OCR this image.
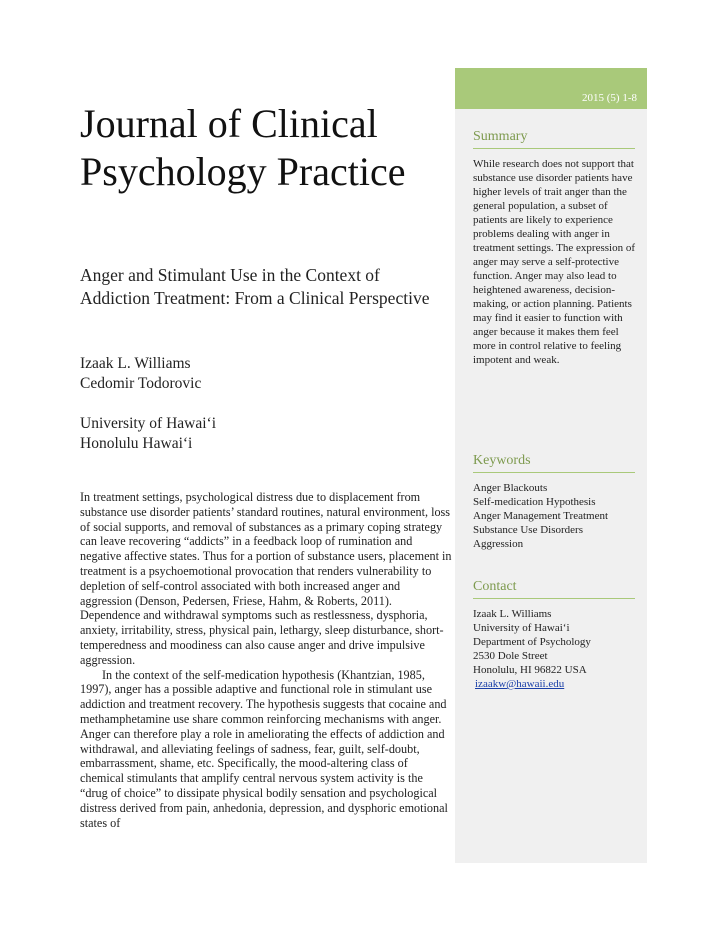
Journal of Clinical Psychology Practice
Anger and Stimulant Use in the Context of Addiction Treatment: From a Clinical Perspective
Izaak L. Williams
Cedomir Todorovic
University of Hawai‘i
Honolulu Hawai‘i

In treatment settings, psychological distress due to displacement from substance use disorder patients’ standard routines, natural environment, loss of social supports, and removal of substances as a primary coping strategy can leave recovering “addicts” in a feedback loop of rumination and negative affective states. Thus for a portion of substance users, placement in treatment is a psychoemotional provocation that renders vulnerability to depletion of self-control associated with both increased anger and aggression (Denson, Pedersen, Friese, Hahm, & Roberts, 2011). Dependence and withdrawal symptoms such as restlessness, dysphoria, anxiety, irritability, stress, physical pain, lethargy, sleep disturbance, short-temperedness and moodiness can also cause anger and drive impulsive aggression.

In the context of the self-medication hypothesis (Khantzian, 1985, 1997), anger has a possible adaptive and functional role in stimulant use addiction and treatment recovery. The hypothesis suggests that cocaine and methamphetamine use share common reinforcing mechanisms with anger. Anger can therefore play a role in ameliorating the effects of addiction and withdrawal, and alleviating feelings of sadness, fear, guilt, self-doubt, embarrassment, shame, etc. Specifically, the mood-altering class of chemical stimulants that amplify central nervous system activity is the “drug of choice” to dissipate physical bodily sensation and psychological distress derived from pain, anhedonia, depression, and dysphoric emotional states of

2015 (5) 1-8
Summary
While research does not support that substance use disorder patients have higher levels of trait anger than the general population, a subset of patients are likely to experience problems dealing with anger in treatment settings. The expression of anger may serve a self-protective function. Anger may also lead to heightened awareness, decision-making, or action planning. Patients may find it easier to function with anger because it makes them feel more in control relative to feeling impotent and weak.
Keywords
Anger Blackouts
Self-medication Hypothesis
Anger Management Treatment
Substance Use Disorders
Aggression
Contact
Izaak L. Williams
University of Hawai‘i
Department of Psychology
2530 Dole Street
Honolulu, HI 96822 USA
izaakw@hawaii.edu
